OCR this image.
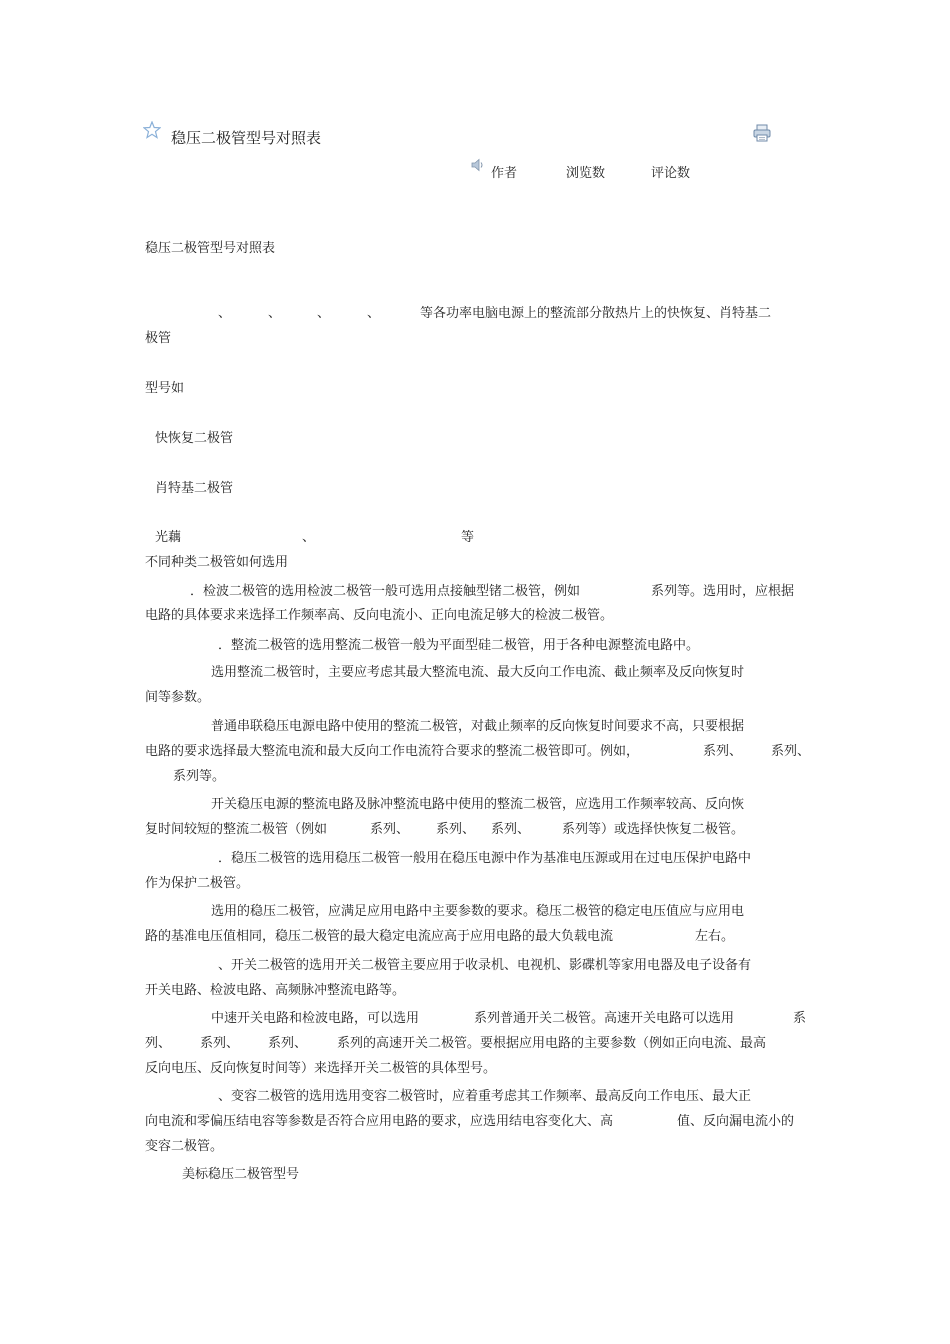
稳压二极管型号对照表
作者	浏览数	评论数
稳压二极管型号对照表
、	、	、	、	等各功率电脑电源上的整流部分散热片上的快恢复、肖特基二
极管
型号如
快恢复二极管
肖特基二极管
光藕	、	等
不同种类二极管如何选用
．检波二极管的选用检波二极管一般可选用点接触型锗二极管，例如	系列等。选用时，应根据
电路的具体要求来选择工作频率高、反向电流小、正向电流足够大的检波二极管。
．整流二极管的选用整流二极管一般为平面型硅二极管，用于各种电源整流电路中。
选用整流二极管时，主要应考虑其最大整流电流、最大反向工作电流、截止频率及反向恢复时
间等参数。
普通串联稳压电源电路中使用的整流二极管，对截止频率的反向恢复时间要求不高，只要根据
电路的要求选择最大整流电流和最大反向工作电流符合要求的整流二极管即可。例如，	系列、 系列、
系列等。
开关稳压电源的整流电路及脉冲整流电路中使用的整流二极管，应选用工作频率较高、反向恢
复时间较短的整流二极管（例如	系列、 系列、 系列、 系列等）或选择快恢复二极管。
．稳压二极管的选用稳压二极管一般用在稳压电源中作为基准电压源或用在过电压保护电路中
作为保护二极管。
选用的稳压二极管，应满足应用电路中主要参数的要求。稳压二极管的稳定电压值应与应用电
路的基准电压值相同，稳压二极管的最大稳定电流应高于应用电路的最大负载电流	左右。
、开关二极管的选用开关二极管主要应用于收录机、电视机、影碟机等家用电器及电子设备有
开关电路、检波电路、高频脉冲整流电路等。
中速开关电路和检波电路，可以选用	系列普通开关二极管。高速开关电路可以选用	系
列、 系列、 系列、 系列的高速开关二极管。要根据应用电路的主要参数（例如正向电流、最高
反向电压、反向恢复时间等）来选择开关二极管的具体型号。
、变容二极管的选用选用变容二极管时，应着重考虑其工作频率、最高反向工作电压、最大正
向电流和零偏压结电容等参数是否符合应用电路的要求，应选用结电容变化大、高	值、反向漏电流小的
变容二极管。
美标稳压二极管型号
